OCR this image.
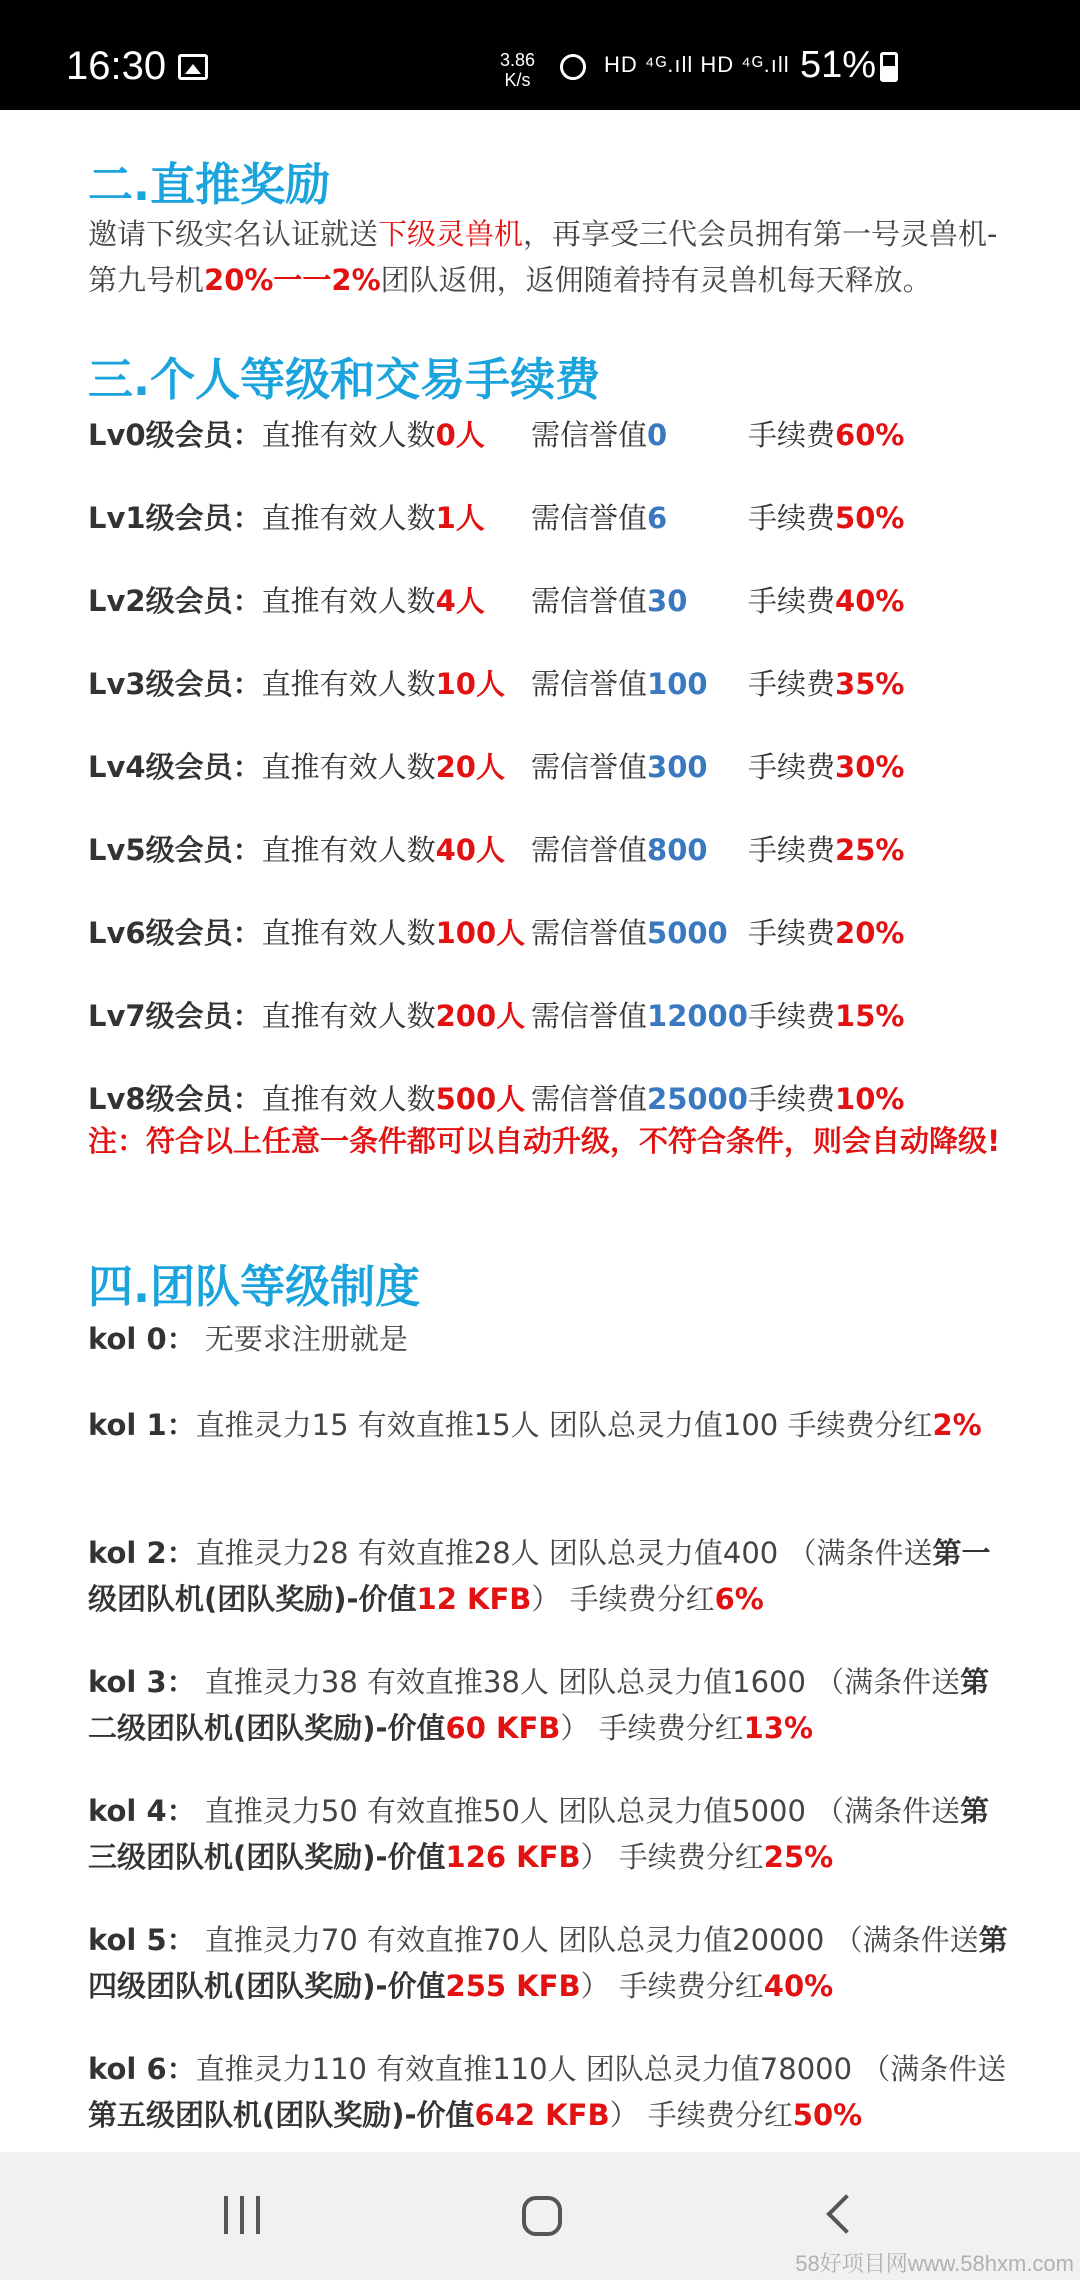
16:30	3.86
K/s
HD ⁴ᴳ.ıll HD ⁴ᴳ.ıll 51%
二.直推奖励
邀请下级实名认证就送下级灵兽机，再享受三代会员拥有第一号灵兽机-第九号机20%一一2%团队返佣，返佣随着持有灵兽机每天释放。
三.个人等级和交易手续费
Lv0级会员：直推有效人数0人 需信誉值0	手续费60%
Lv1级会员：直推有效人数1人 需信誉值6	手续费50%
Lv2级会员：直推有效人数4人 需信誉值30 手续费40%
Lv3级会员：直推有效人数10人 需信誉值100 手续费35%
Lv4级会员：直推有效人数20人 需信誉值300 手续费30%
Lv5级会员：直推有效人数40人 需信誉值800 手续费25%
Lv6级会员：直推有效人数100人 需信誉值5000 手续费20%
Lv7级会员：直推有效人数200人 需信誉值12000 手续费15%
Lv8级会员：直推有效人数500人 需信誉值25000 手续费10%
注：符合以上任意一条件都可以自动升级，不符合条件，则会自动降级!
四.团队等级制度
kol 0： 无要求注册就是
kol 1：直推灵力15 有效直推15人 团队总灵力值100 手续费分红2%
kol 2：直推灵力28 有效直推28人 团队总灵力值400 （满条件送第一级团队机(团队奖励)-价值12 KFB） 手续费分红6%
kol 3： 直推灵力38 有效直推38人 团队总灵力值1600 （满条件送第二级团队机(团队奖励)-价值60 KFB） 手续费分红13%
kol 4： 直推灵力50 有效直推50人 团队总灵力值5000 （满条件送第三级团队机(团队奖励)-价值126 KFB） 手续费分红25%
kol 5： 直推灵力70 有效直推70人 团队总灵力值20000 （满条件送第四级团队机(团队奖励)-价值255 KFB） 手续费分红40%
kol 6：直推灵力110 有效直推110人 团队总灵力值78000 （满条件送第五级团队机(团队奖励)-价值642 KFB） 手续费分红50%
58好项目网www.58hxm.com
